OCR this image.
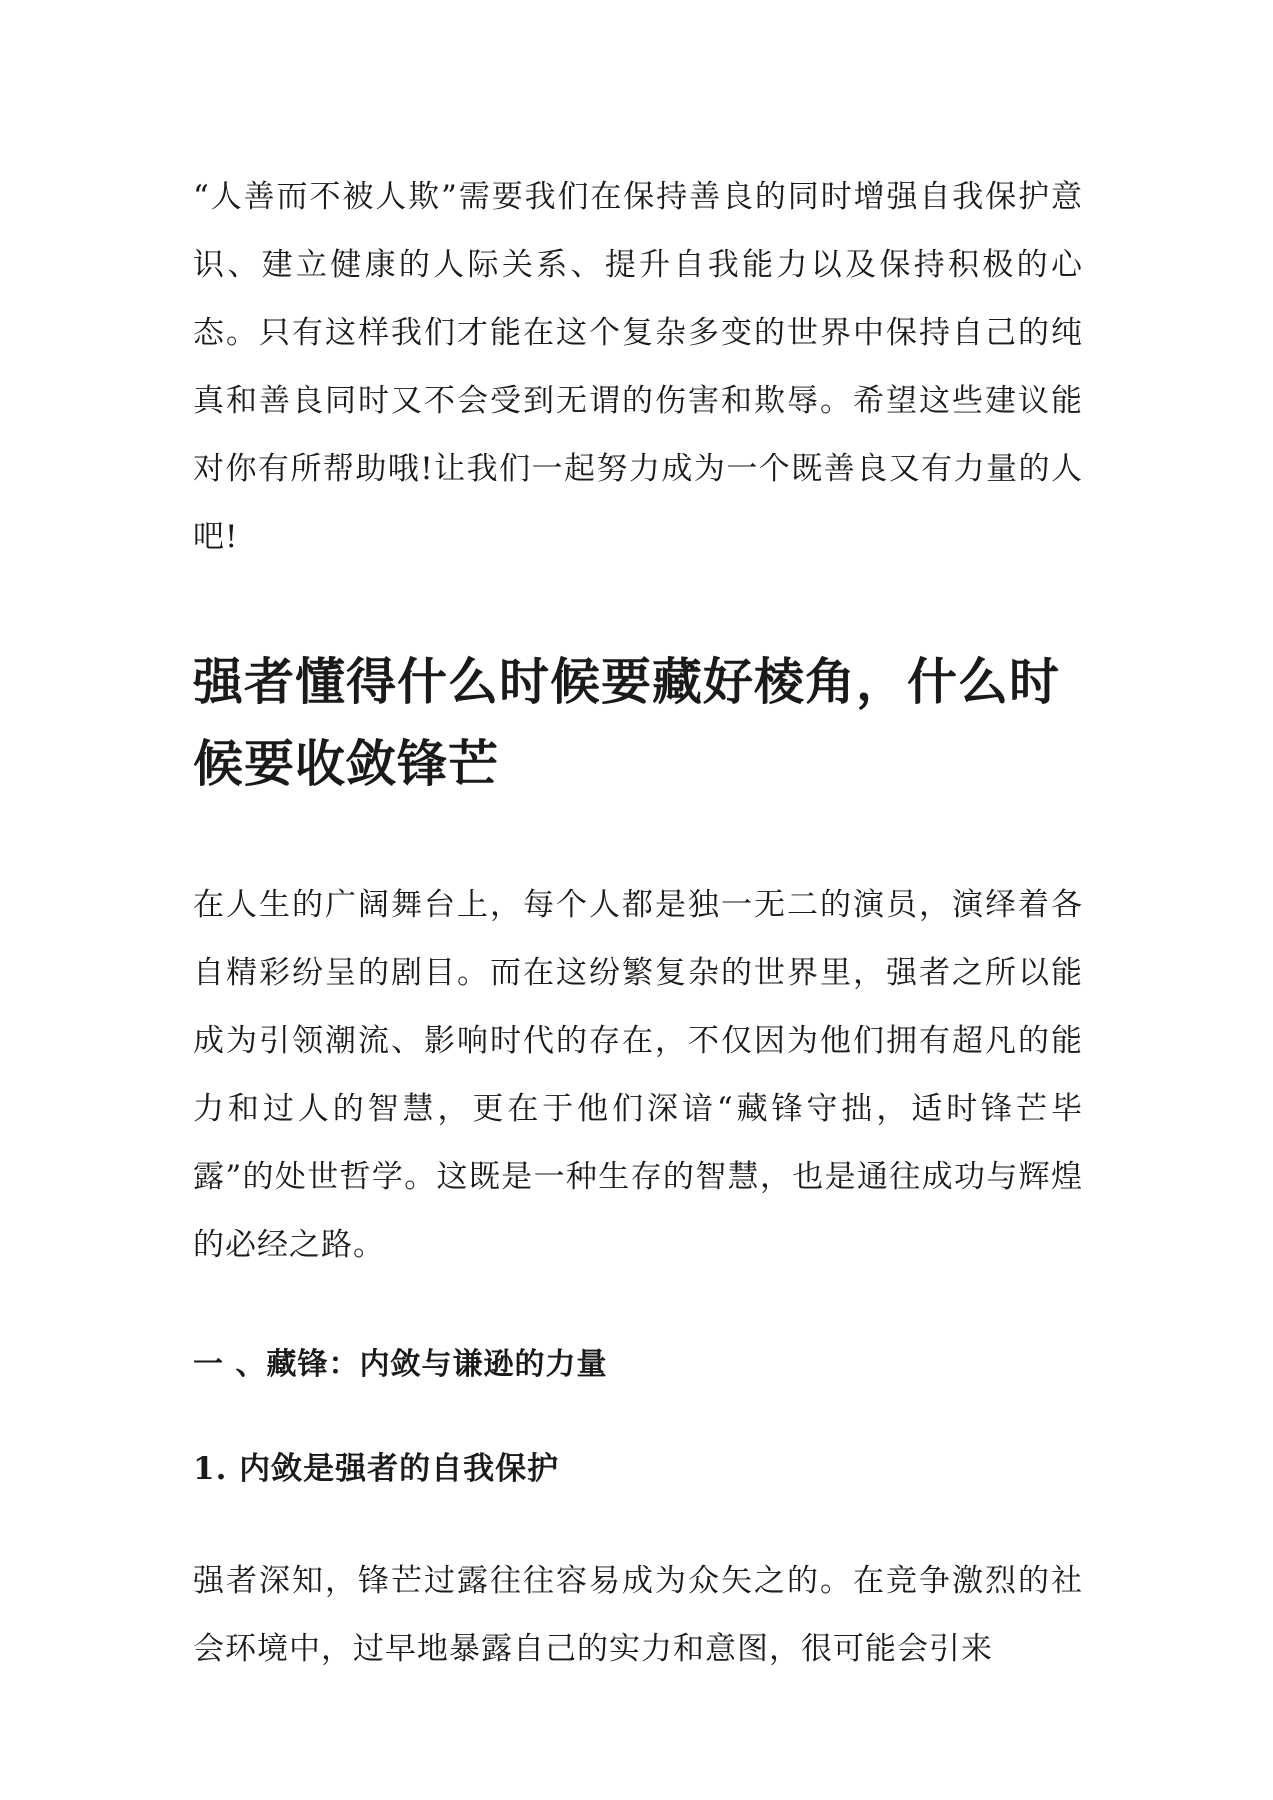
“人善而不被人欺”需要我们在保持善良的同时增强自我保护意识、建立健康的人际关系、提升自我能力以及保持积极的心态。只有这样我们才能在这个复杂多变的世界中保持自己的纯真和善良同时又不会受到无谓的伤害和欺辱。希望这些建议能对你有所帮助哦!让我们一起努力成为一个既善良又有力量的人吧!

强者懂得什么时候要藏好棱角，什么时候要收敛锋芒

在人生的广阔舞台上，每个人都是独一无二的演员，演绎着各自精彩纷呈的剧目。而在这纷繁复杂的世界里，强者之所以能成为引领潮流、影响时代的存在，不仅因为他们拥有超凡的能力和过人的智慧，更在于他们深谙“藏锋守拙，适时锋芒毕露”的处世哲学。这既是一种生存的智慧，也是通往成功与辉煌的必经之路。

一 、藏锋：内敛与谦逊的力量
1. 内敛是强者的自我保护

强者深知，锋芒过露往往容易成为众矢之的。在竞争激烈的社会环境中，过早地暴露自己的实力和意图，很可能会引来
